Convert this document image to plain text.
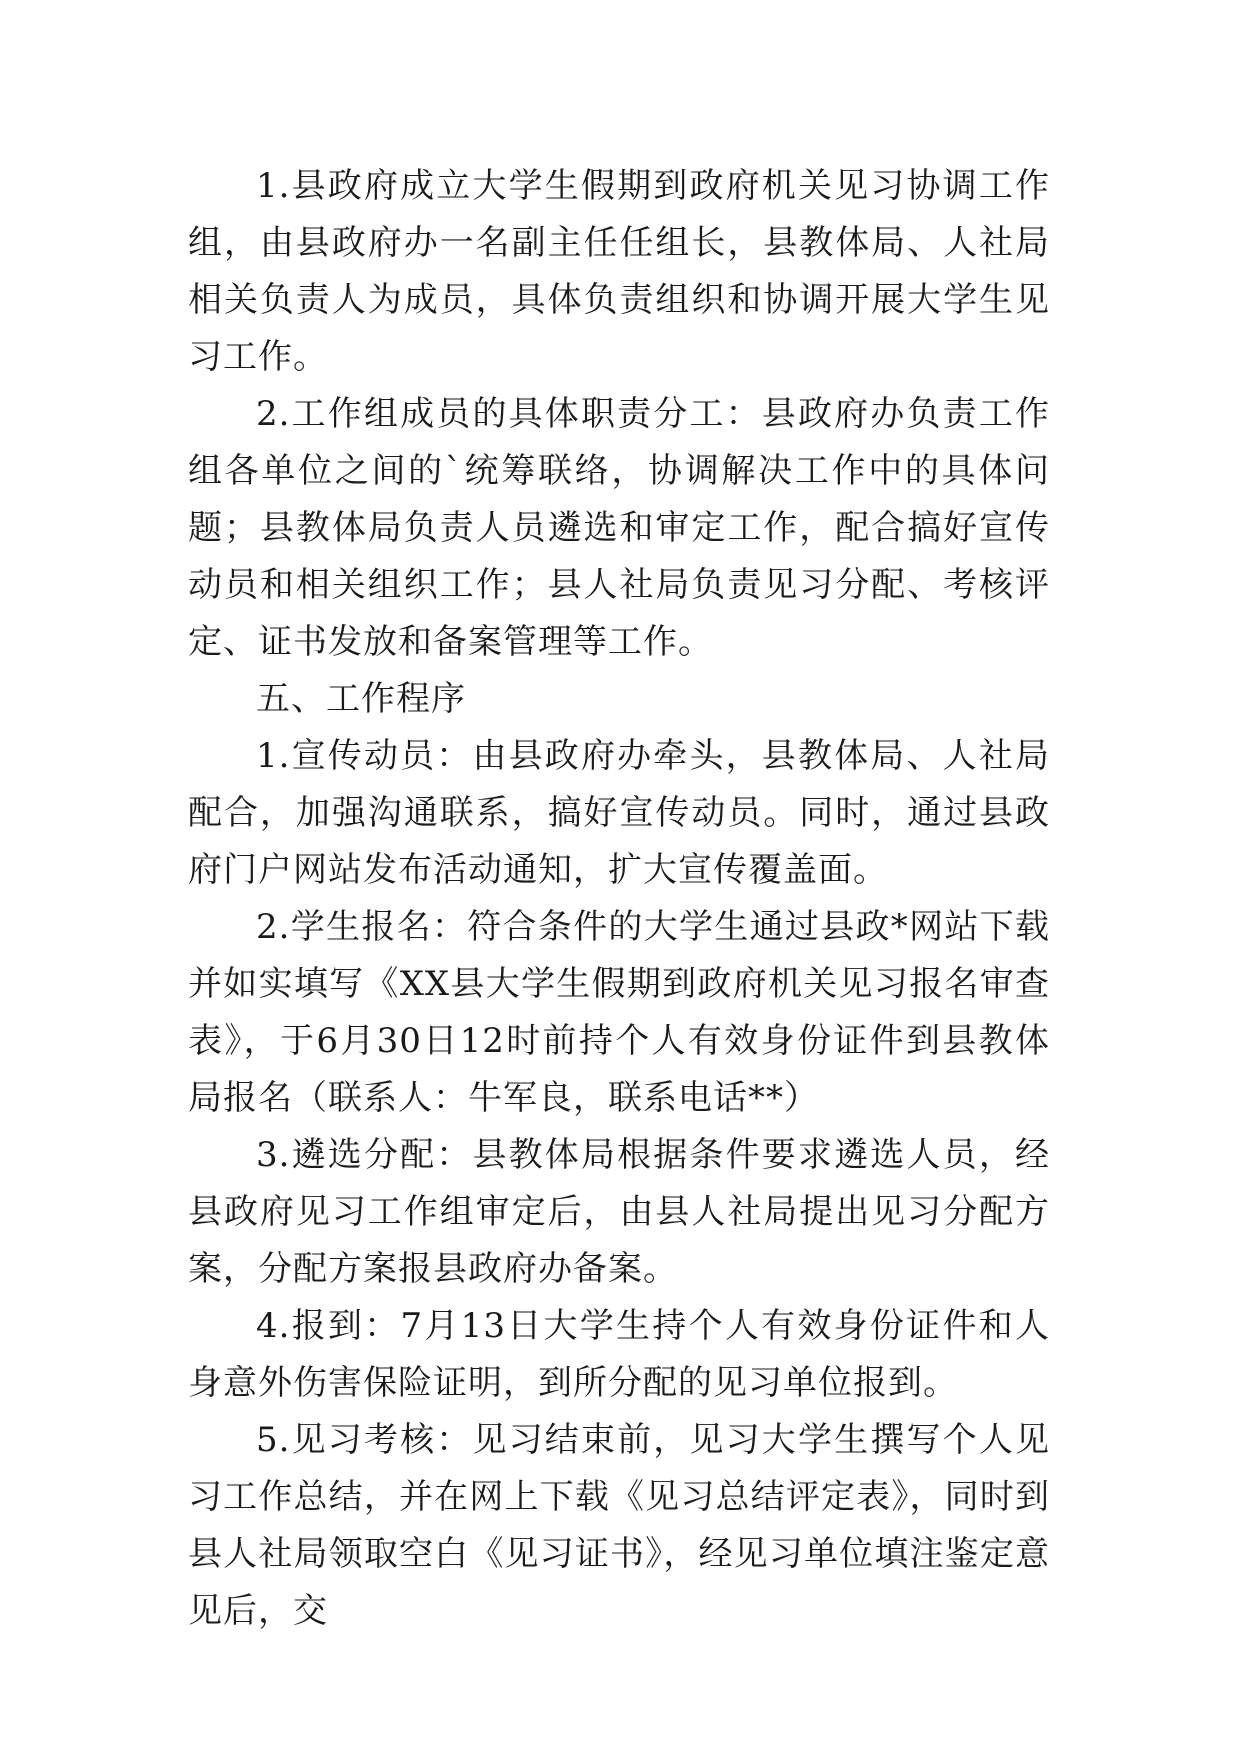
1.县政府成立大学生假期到政府机关见习协调工作组，由县政府办一名副主任任组长，县教体局、人社局相关负责人为成员，具体负责组织和协调开展大学生见习工作。

2.工作组成员的具体职责分工：县政府办负责工作组各单位之间的`统筹联络，协调解决工作中的具体问题；县教体局负责人员遴选和审定工作，配合搞好宣传动员和相关组织工作；县人社局负责见习分配、考核评定、证书发放和备案管理等工作。

五、工作程序

1.宣传动员：由县政府办牵头，县教体局、人社局配合，加强沟通联系，搞好宣传动员。同时，通过县政府门户网站发布活动通知，扩大宣传覆盖面。

2.学生报名：符合条件的大学生通过县政*网站下载并如实填写《XX县大学生假期到政府机关见习报名审查表》，于6月30日12时前持个人有效身份证件到县教体局报名（联系人：牛军良，联系电话**）

3.遴选分配：县教体局根据条件要求遴选人员，经县政府见习工作组审定后，由县人社局提出见习分配方案，分配方案报县政府办备案。

4.报到：7月13日大学生持个人有效身份证件和人身意外伤害保险证明，到所分配的见习单位报到。

5.见习考核：见习结束前，见习大学生撰写个人见习工作总结，并在网上下载《见习总结评定表》，同时到县人社局领取空白《见习证书》，经见习单位填注鉴定意见后，交
